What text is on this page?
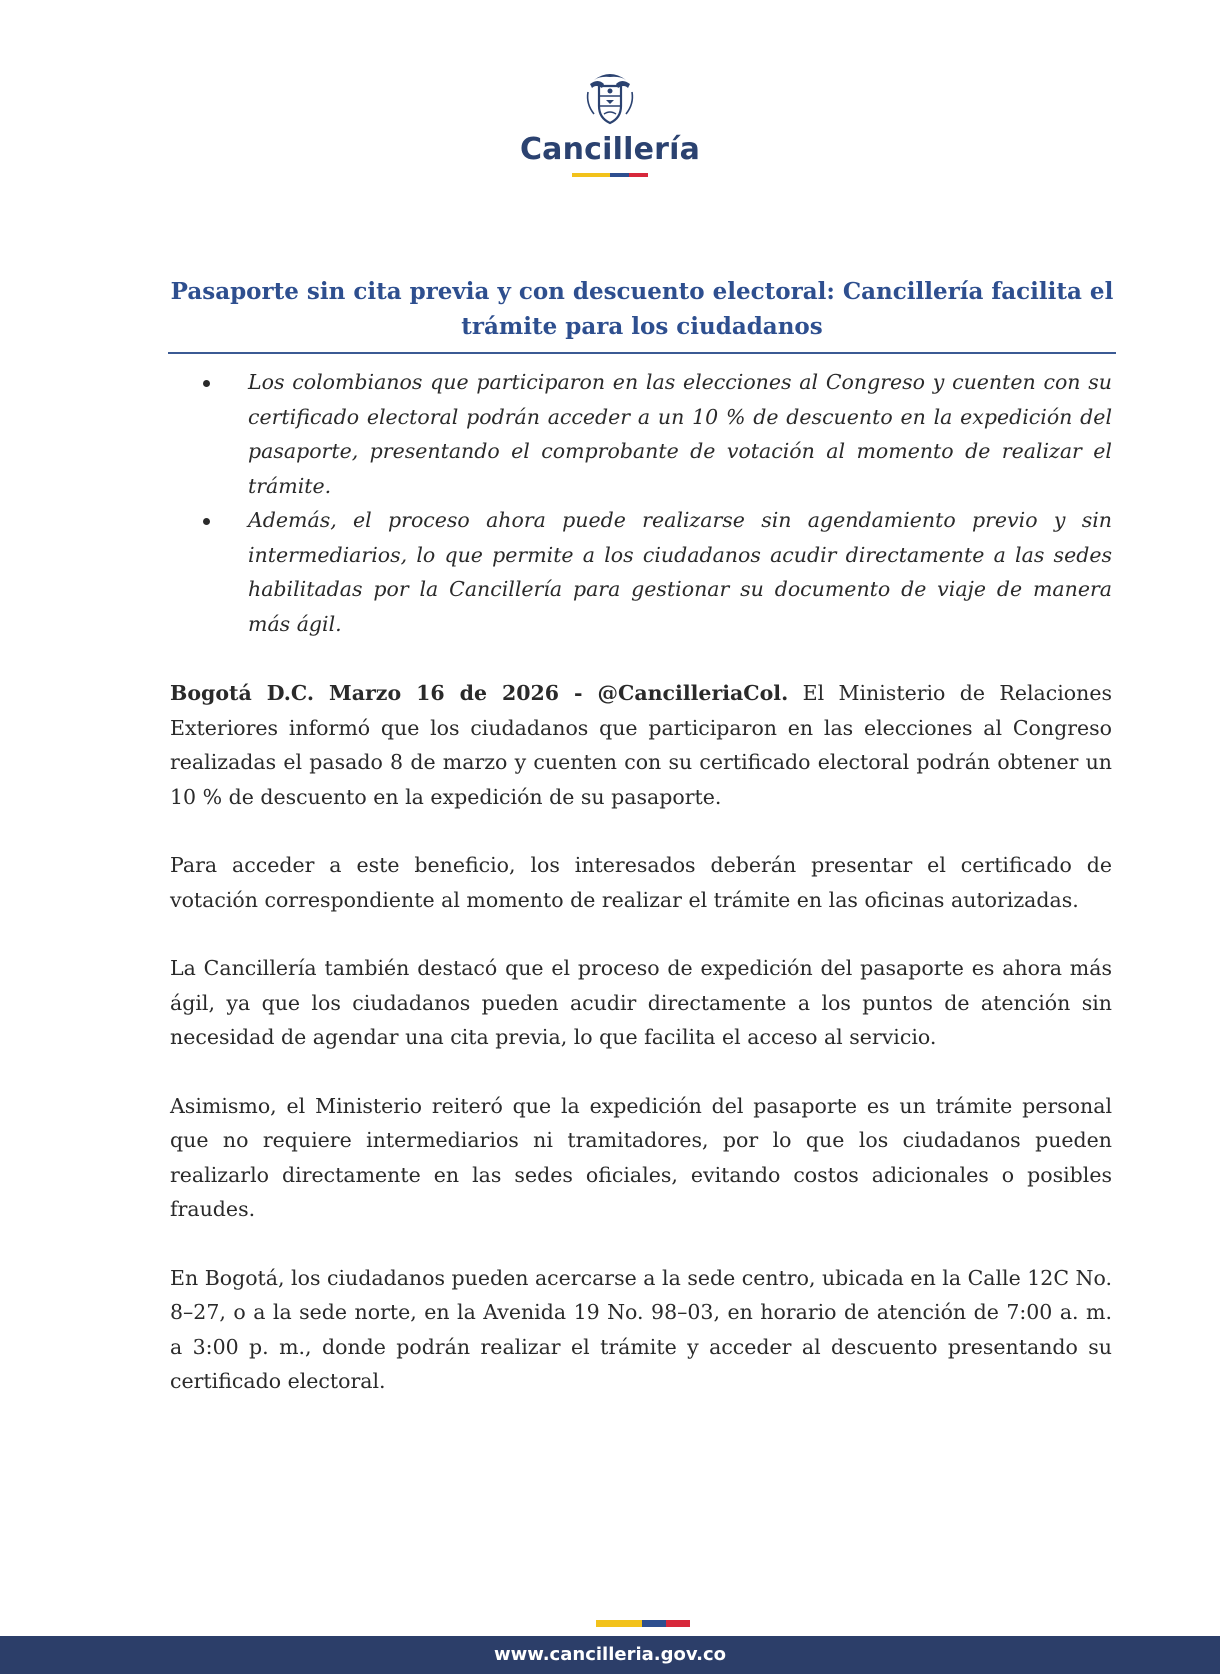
Cancillería
Pasaporte sin cita previa y con descuento electoral: Cancillería facilita el trámite para los ciudadanos
Los colombianos que participaron en las elecciones al Congreso y cuenten con su certificado electoral podrán acceder a un 10 % de descuento en la expedición del pasaporte, presentando el comprobante de votación al momento de realizar el trámite.
Además, el proceso ahora puede realizarse sin agendamiento previo y sin intermediarios, lo que permite a los ciudadanos acudir directamente a las sedes habilitadas por la Cancillería para gestionar su documento de viaje de manera más ágil.

Bogotá D.C. Marzo 16 de 2026 - @CancilleriaCol. El Ministerio de Relaciones Exteriores informó que los ciudadanos que participaron en las elecciones al Congreso realizadas el pasado 8 de marzo y cuenten con su certificado electoral podrán obtener un 10 % de descuento en la expedición de su pasaporte.

Para acceder a este beneficio, los interesados deberán presentar el certificado de votación correspondiente al momento de realizar el trámite en las oficinas autorizadas.

La Cancillería también destacó que el proceso de expedición del pasaporte es ahora más ágil, ya que los ciudadanos pueden acudir directamente a los puntos de atención sin necesidad de agendar una cita previa, lo que facilita el acceso al servicio.

Asimismo, el Ministerio reiteró que la expedición del pasaporte es un trámite personal que no requiere intermediarios ni tramitadores, por lo que los ciudadanos pueden realizarlo directamente en las sedes oficiales, evitando costos adicionales o posibles fraudes.

En Bogotá, los ciudadanos pueden acercarse a la sede centro, ubicada en la Calle 12C No. 8–27, o a la sede norte, en la Avenida 19 No. 98–03, en horario de atención de 7:00 a. m. a 3:00 p. m., donde podrán realizar el trámite y acceder al descuento presentando su certificado electoral.

www.cancilleria.gov.co
